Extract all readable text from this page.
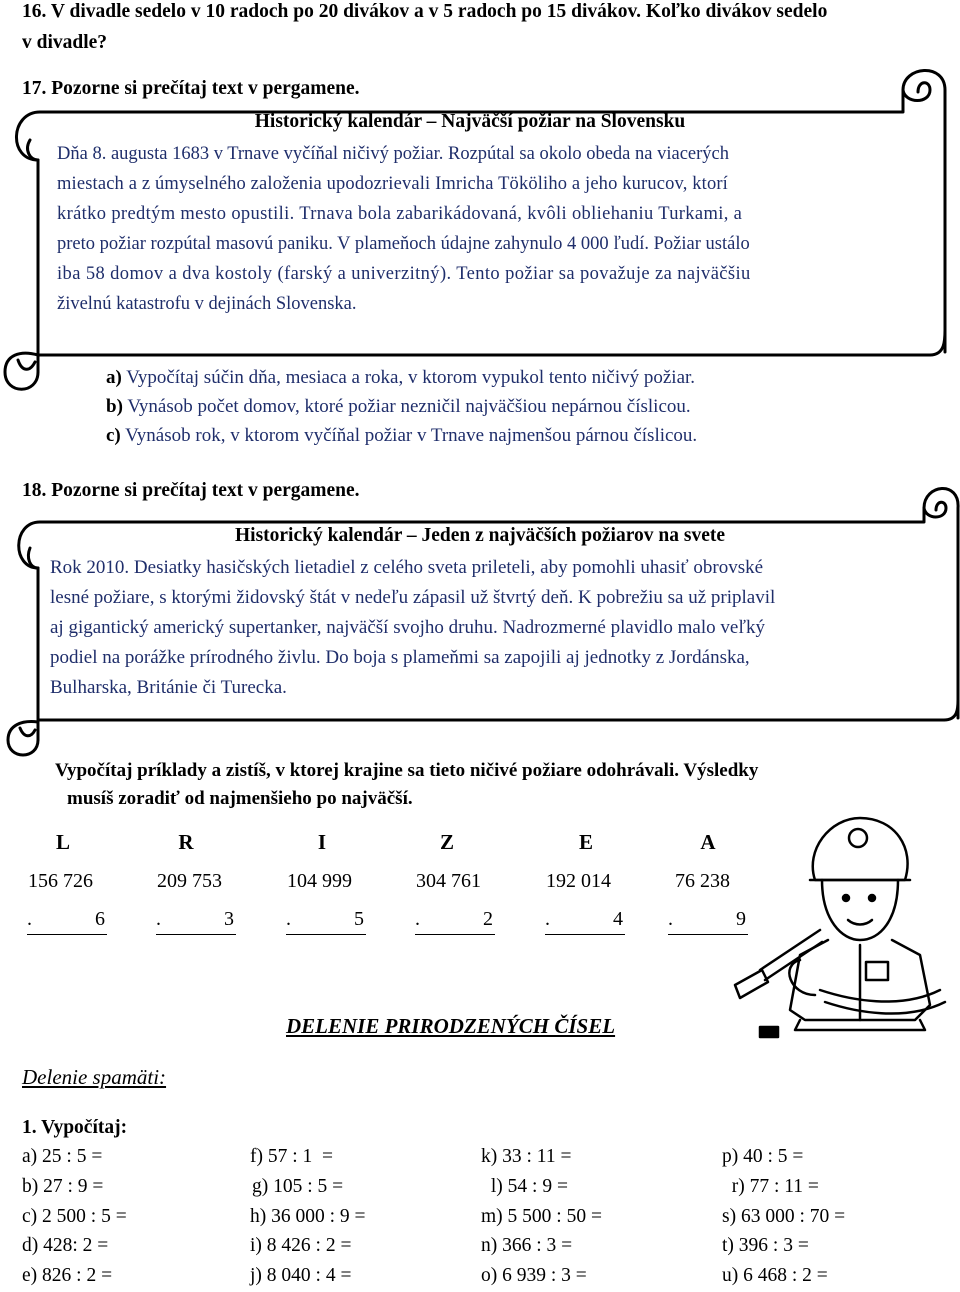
16. V divadle sedelo v 10 radoch po 20 divákov a v 5 radoch po 15 divákov. Koľko divákov sedelo
v divadle?
17. Pozorne si prečítaj text v pergamene.
Historický kalendár – Najväčší požiar na Slovensku
Dňa 8. augusta 1683 v Trnave vyčíňal ničivý požiar. Rozpútal sa okolo obeda na viacerých
miestach a z úmyselného založenia upodozrievali Imricha Tököliho a jeho kurucov, ktorí
krátko predtým mesto opustili. Trnava bola zabarikádovaná, kvôli obliehaniu Turkami, a
preto požiar rozpútal masovú paniku. V plameňoch údajne zahynulo 4 000 ľudí. Požiar ustálo
iba 58 domov a dva kostoly (farský a univerzitný). Tento požiar sa považuje za najväčšiu
živelnú katastrofu v dejinách Slovenska.
a) Vypočítaj súčin dňa, mesiaca a roka, v ktorom vypukol tento ničivý požiar.
b) Vynásob počet domov, ktoré požiar nezničil najväčšiou nepárnou číslicou.
c) Vynásob rok, v ktorom vyčíňal požiar v Trnave najmenšou párnou číslicou.
18. Pozorne si prečítaj text v pergamene.
Historický kalendár – Jeden z najväčších požiarov na svete
Rok 2010. Desiatky hasičských lietadiel z celého sveta prileteli, aby pomohli uhasiť obrovské
lesné požiare, s ktorými židovský štát v nedeľu zápasil už štvrtý deň. K pobrežiu sa už priplavil
aj gigantický americký supertanker, najväčší svojho druhu. Nadrozmerné plavidlo malo veľký
podiel na porážke prírodného živlu. Do boja s plameňmi sa zapojili aj jednotky z Jordánska,
Bulharska, Británie či Turecka.
Vypočítaj príklady a zistíš, v ktorej krajine sa tieto ničivé požiare odohrávali. Výsledky
musíš zoradiť od najmenšieho po najväčší.
L	R	I	Z	E	A
156 726	209 753	104 999	304 761	192 014	76 238
.	6	.	3	.	5	.	2	.	4 .	9
DELENIE PRIRODZENÝCH ČÍSEL
Delenie spamäti:
1. Vypočítaj:
a) 25 : 5 =
b) 27 : 9 =
c) 2 500 : 5 =
d) 428: 2 =
e) 826 : 2 =
f) 57 : 1  =
g) 105 : 5 =
h) 36 000 : 9 =
i) 8 426 : 2 =
j) 8 040 : 4 =
k) 33 : 11 =
l) 54 : 9 =
m) 5 500 : 50 =
n) 366 : 3 =
o) 6 939 : 3 =
p) 40 : 5 =
r) 77 : 11 =
s) 63 000 : 70 =
t) 396 : 3 =
u) 6 468 : 2 =
